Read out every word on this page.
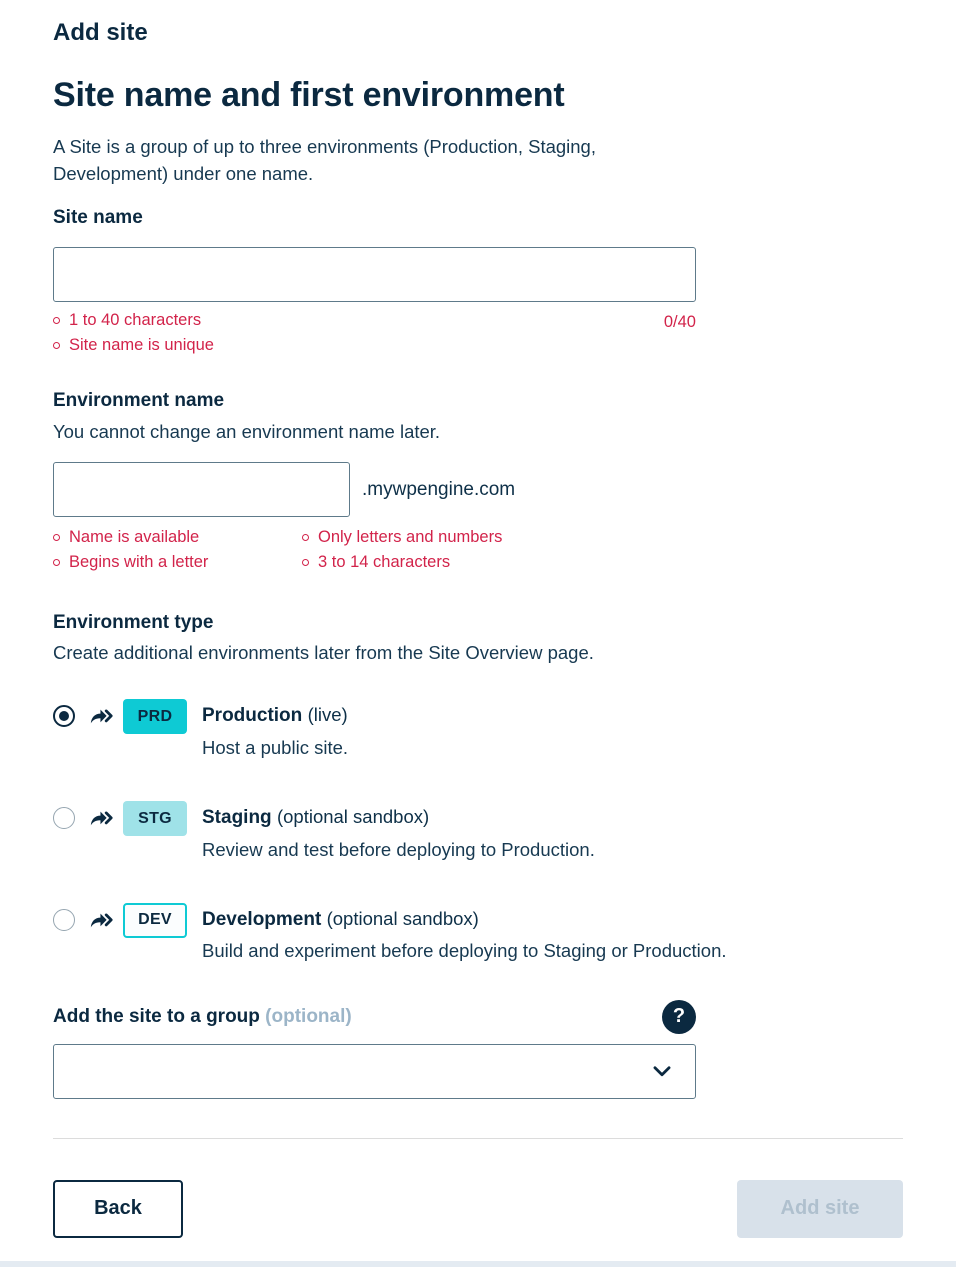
Add site
Site name and first environment

A Site is a group of up to three environments (Production, Staging, Development) under one name.

Site name
1 to 40 characters
Site name is unique
0/40
Environment name
You cannot change an environment name later.
.mywpengine.com
Name is available
Begins with a letter
Only letters and numbers
3 to 14 characters
Environment type
Create additional environments later from the Site Overview page.
PRD	Production (live)
Host a public site.
STG	Staging (optional sandbox)
Review and test before deploying to Production.
DEV	Development (optional sandbox)
Build and experiment before deploying to Staging or Production.
Add the site to a group (optional)	?
Back	Add site
